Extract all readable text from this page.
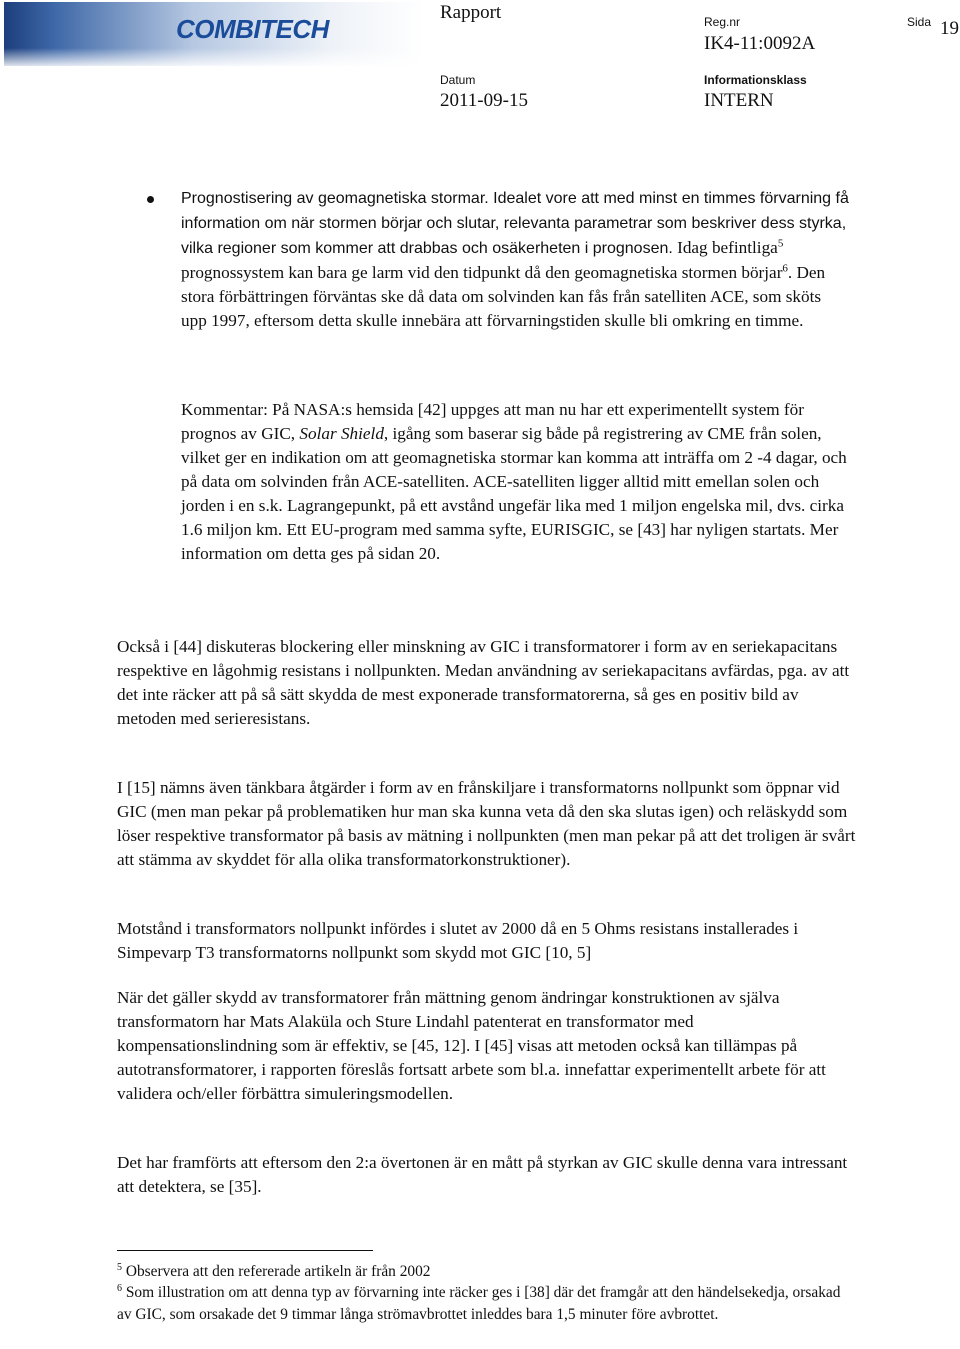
COMBITECH
Rapport	Reg.nr
IK4-11:0092A
Sida 19
Datum
2011-09-15
Informationsklass
INTERN

Prognostisering av geomagnetiska stormar. Idealet vore att med minst en timmes förvarning få information om när stormen börjar och slutar, relevanta parametrar som beskriver dess styrka, vilka regioner som kommer att drabbas och osäkerheten i prognosen. Idag befintliga$^5$ prognossystem kan bara ge larm vid den tidpunkt då den geomagnetiska stormen börjar$^6$. Den stora förbättringen förväntas ske då data om solvinden kan fås från satelliten ACE, som sköts upp 1997, eftersom detta skulle innebära att förvarningstiden skulle bli omkring en timme.

Kommentar: På NASA:s hemsida [42] uppges att man nu har ett experimentellt system för prognos av GIC, Solar Shield, igång som baserar sig både på registrering av CME från solen, vilket ger en indikation om att geomagnetiska stormar kan komma att inträffa om 2 -4 dagar, och på data om solvinden från ACE-satelliten. ACE-satelliten ligger alltid mitt emellan solen och jorden i en s.k. Lagrangepunkt, på ett avstånd ungefär lika med 1 miljon engelska mil, dvs. cirka 1.6 miljon km. Ett EU-program med samma syfte, EURISGIC, se [43] har nyligen startats. Mer information om detta ges på sidan 20.

Också i [44] diskuteras blockering eller minskning av GIC i transformatorer i form av en seriekapacitans respektive en lågohmig resistans i nollpunkten. Medan användning av seriekapacitans avfärdas, pga. av att det inte räcker att på så sätt skydda de mest exponerade transformatorerna, så ges en positiv bild av metoden med serieresistans.

I [15] nämns även tänkbara åtgärder i form av en frånskiljare i transformatorns nollpunkt som öppnar vid GIC (men man pekar på problematiken hur man ska kunna veta då den ska slutas igen) och reläskydd som löser respektive transformator på basis av mätning i nollpunkten (men man pekar på att det troligen är svårt att stämma av skyddet för alla olika transformatorkonstruktioner).

Motstånd i transformators nollpunkt infördes i slutet av 2000 då en 5 Ohms resistans installerades i Simpevarp T3 transformatorns nollpunkt som skydd mot GIC [10, 5]

När det gäller skydd av transformatorer från mättning genom ändringar konstruktionen av själva transformatorn har Mats Alaküla och Sture Lindahl patenterat en transformator med kompensationslindning som är effektiv, se [45, 12]. I [45] visas att metoden också kan tillämpas på autotransformatorer, i rapporten föreslås fortsatt arbete som bl.a. innefattar experimentellt arbete för att validera och/eller förbättra simuleringsmodellen.

Det har framförts att eftersom den 2:a övertonen är en mått på styrkan av GIC skulle denna vara intressant att detektera, se [35].

$^5$ Observera att den refererade artikeln är från 2002

$^6$ Som illustration om att denna typ av förvarning inte räcker ges i [38] där det framgår att den händelsekedja, orsakad av GIC, som orsakade det 9 timmar långa strömavbrottet inleddes bara 1,5 minuter före avbrottet.
